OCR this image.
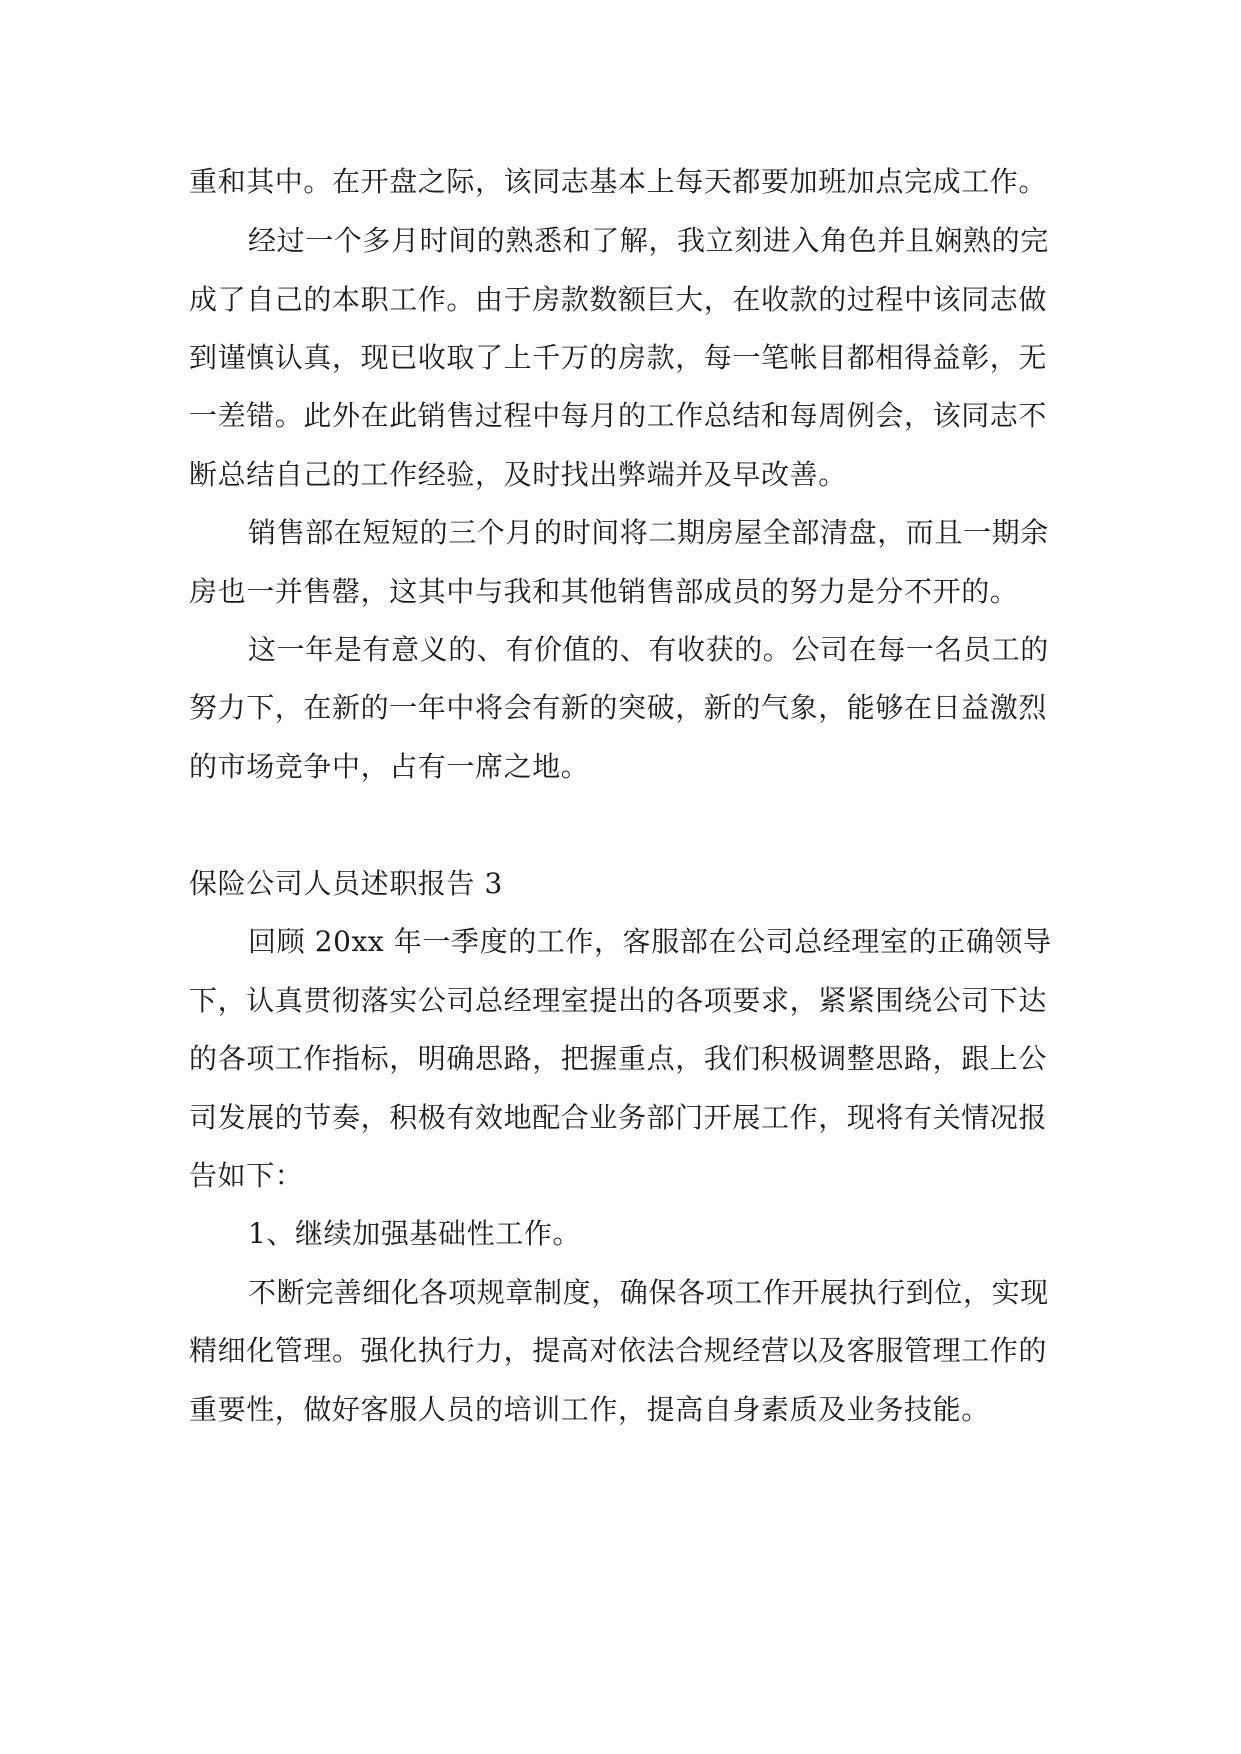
重和其中。在开盘之际，该同志基本上每天都要加班加点完成工作。
经过一个多月时间的熟悉和了解，我立刻进入角色并且娴熟的完
成了自己的本职工作。由于房款数额巨大，在收款的过程中该同志做
到谨慎认真，现已收取了上千万的房款，每一笔帐目都相得益彰，无
一差错。此外在此销售过程中每月的工作总结和每周例会，该同志不
断总结自己的工作经验，及时找出弊端并及早改善。
销售部在短短的三个月的时间将二期房屋全部清盘，而且一期余
房也一并售罄，这其中与我和其他销售部成员的努力是分不开的。
这一年是有意义的、有价值的、有收获的。公司在每一名员工的
努力下，在新的一年中将会有新的突破，新的气象，能够在日益激烈
的市场竞争中，占有一席之地。
保险公司人员述职报告 3
回顾 20xx 年一季度的工作，客服部在公司总经理室的正确领导
下，认真贯彻落实公司总经理室提出的各项要求，紧紧围绕公司下达
的各项工作指标，明确思路，把握重点，我们积极调整思路，跟上公
司发展的节奏，积极有效地配合业务部门开展工作，现将有关情况报
告如下：
1、继续加强基础性工作。
不断完善细化各项规章制度，确保各项工作开展执行到位，实现
精细化管理。强化执行力，提高对依法合规经营以及客服管理工作的
重要性，做好客服人员的培训工作，提高自身素质及业务技能。
